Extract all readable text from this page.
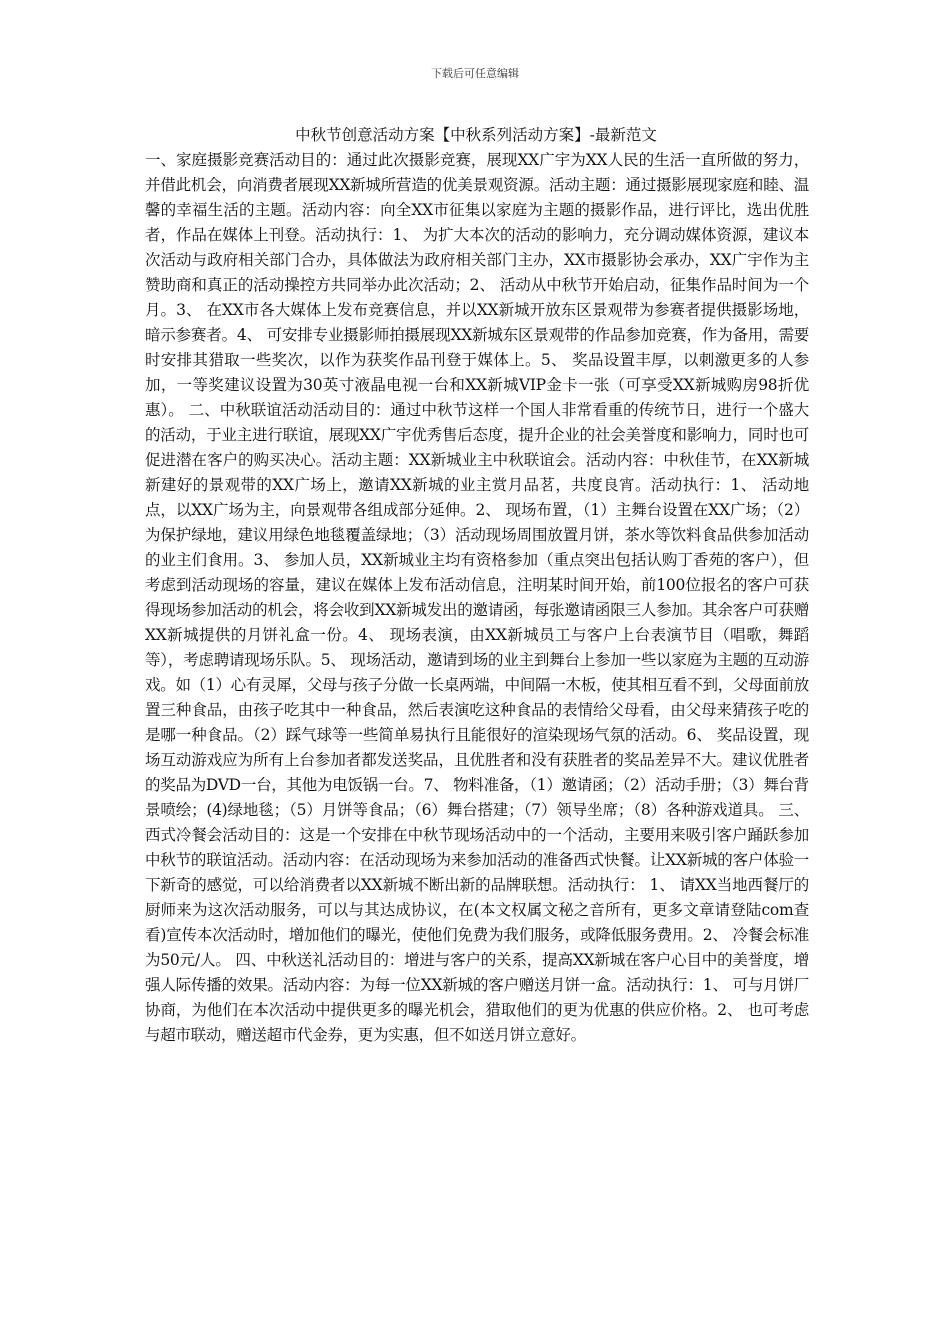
下载后可任意编辑
中秋节创意活动方案【中秋系列活动方案】-最新范文
一、家庭摄影竞赛活动目的：通过此次摄影竞赛，展现XX广宇为XX人民的生活一直所做的努力，并借此机会，向消费者展现XX新城所营造的优美景观资源。活动主题：通过摄影展现家庭和睦、温馨的幸福生活的主题。活动内容：向全XX市征集以家庭为主题的摄影作品，进行评比，选出优胜者，作品在媒体上刊登。活动执行：1、 为扩大本次的活动的影响力，充分调动媒体资源，建议本次活动与政府相关部门合办，具体做法为政府相关部门主办，XX市摄影协会承办，XX广宇作为主赞助商和真正的活动操控方共同举办此次活动；2、 活动从中秋节开始启动，征集作品时间为一个月。3、 在XX市各大媒体上发布竞赛信息，并以XX新城开放东区景观带为参赛者提供摄影场地，暗示参赛者。4、 可安排专业摄影师拍摄展现XX新城东区景观带的作品参加竞赛，作为备用，需要时安排其猎取一些奖次，以作为获奖作品刊登于媒体上。5、 奖品设置丰厚，以刺激更多的人参加，一等奖建议设置为30英寸液晶电视一台和XX新城VIP金卡一张（可享受XX新城购房98折优惠）。 二、中秋联谊活动活动目的：通过中秋节这样一个国人非常看重的传统节日，进行一个盛大的活动，于业主进行联谊，展现XX广宇优秀售后态度，提升企业的社会美誉度和影响力，同时也可促进潜在客户的购买决心。活动主题：XX新城业主中秋联谊会。活动内容：中秋佳节，在XX新城新建好的景观带的XX广场上，邀请XX新城的业主赏月品茗，共度良宵。活动执行：1、 活动地点，以XX广场为主，向景观带各组成部分延伸。2、 现场布置，（1）主舞台设置在XX广场；（2）为保护绿地，建议用绿色地毯覆盖绿地；（3）活动现场周围放置月饼，茶水等饮料食品供参加活动的业主们食用。3、 参加人员，XX新城业主均有资格参加（重点突出包括认购丁香苑的客户），但考虑到活动现场的容量，建议在媒体上发布活动信息，注明某时间开始，前100位报名的客户可获得现场参加活动的机会，将会收到XX新城发出的邀请函，每张邀请函限三人参加。其余客户可获赠XX新城提供的月饼礼盒一份。4、 现场表演，由XX新城员工与客户上台表演节目（唱歌，舞蹈等），考虑聘请现场乐队。5、 现场活动，邀请到场的业主到舞台上参加一些以家庭为主题的互动游戏。如（1）心有灵犀，父母与孩子分做一长桌两端，中间隔一木板，使其相互看不到，父母面前放置三种食品，由孩子吃其中一种食品，然后表演吃这种食品的表情给父母看，由父母来猜孩子吃的是哪一种食品。（2）踩气球等一些简单易执行且能很好的渲染现场气氛的活动。6、 奖品设置，现场互动游戏应为所有上台参加者都发送奖品，且优胜者和没有获胜者的奖品差异不大。建议优胜者的奖品为DVD一台，其他为电饭锅一台。7、 物料准备，（1）邀请函；（2）活动手册；（3）舞台背景喷绘；(4)绿地毯；（5）月饼等食品；（6）舞台搭建；（7）领导坐席；（8）各种游戏道具。 三、西式冷餐会活动目的：这是一个安排在中秋节现场活动中的一个活动，主要用来吸引客户踊跃参加中秋节的联谊活动。活动内容：在活动现场为来参加活动的准备西式快餐。让XX新城的客户体验一下新奇的感觉，可以给消费者以XX新城不断出新的品牌联想。活动执行： 1、 请XX当地西餐厅的厨师来为这次活动服务，可以与其达成协议，在(本文权属文秘之音所有，更多文章请登陆com查看)宣传本次活动时，增加他们的曝光，使他们免费为我们服务，或降低服务费用。2、 冷餐会标准为50元/人。 四、中秋送礼活动目的：增进与客户的关系，提高XX新城在客户心目中的美誉度，增强人际传播的效果。活动内容：为每一位XX新城的客户赠送月饼一盒。活动执行：1、 可与月饼厂协商，为他们在本次活动中提供更多的曝光机会，猎取他们的更为优惠的供应价格。2、 也可考虑与超市联动，赠送超市代金券，更为实惠，但不如送月饼立意好。
